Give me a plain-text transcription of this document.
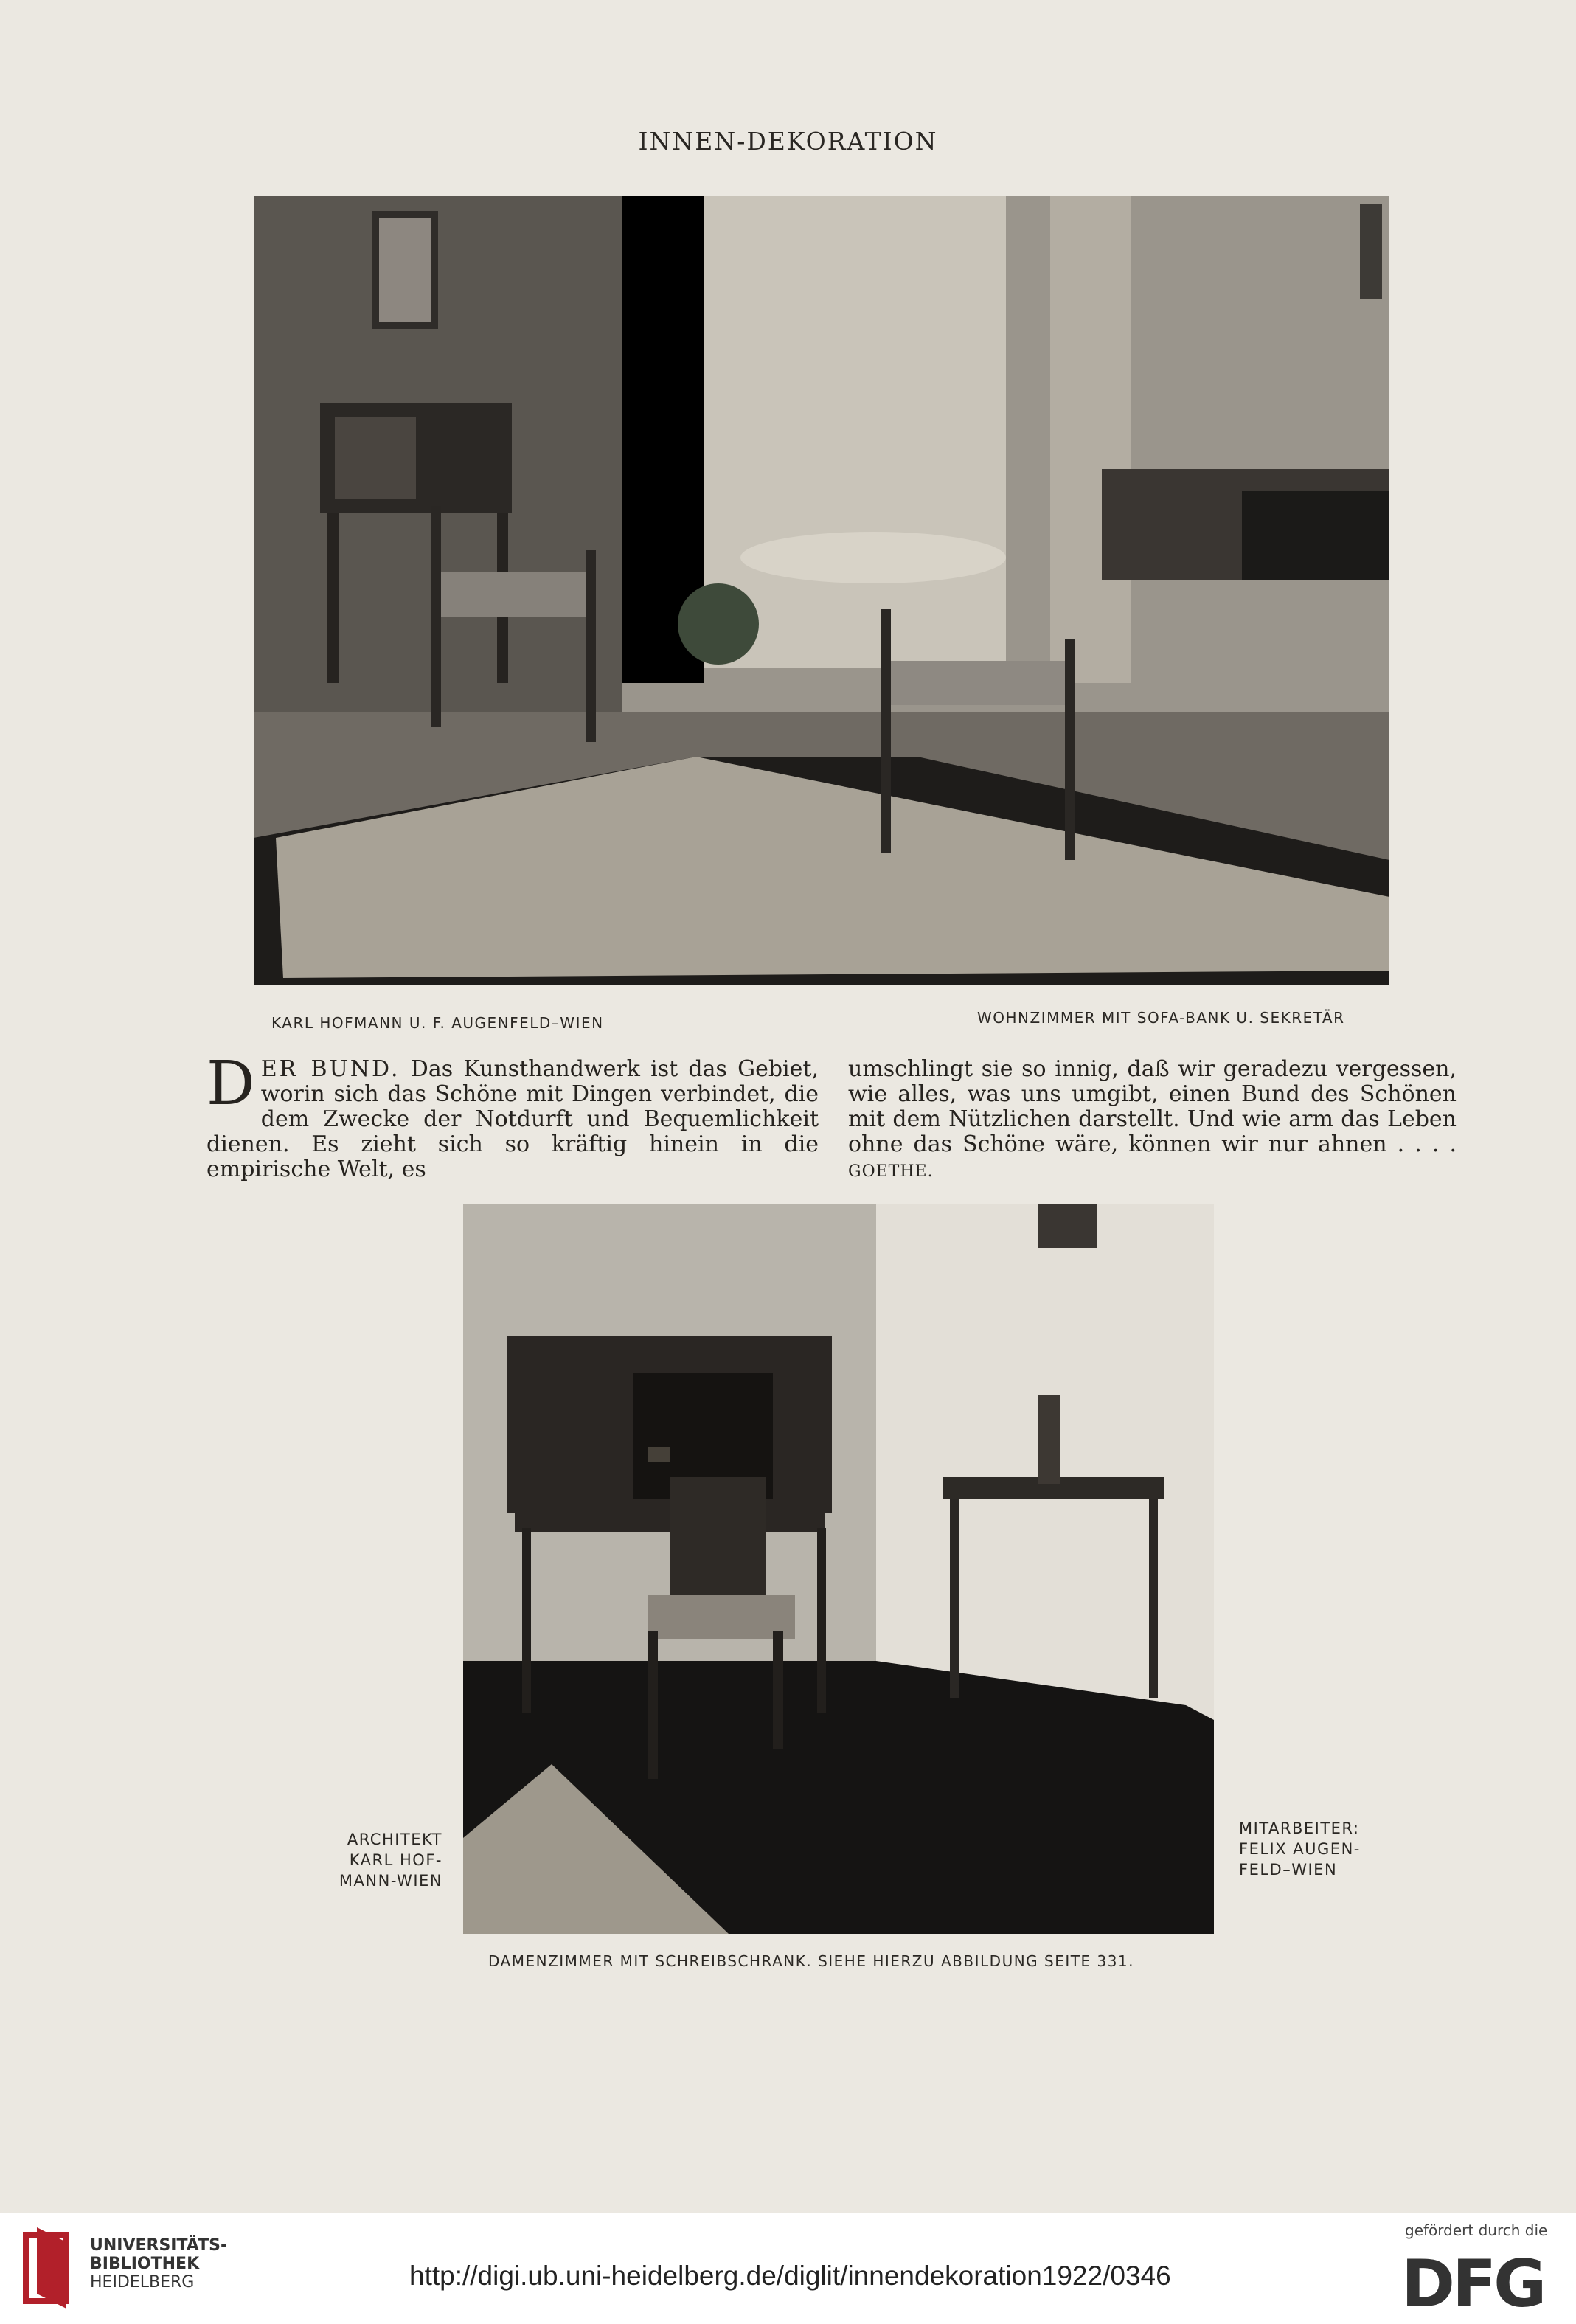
INNEN-DEKORATION
KARL HOFMANN U. F. AUGENFELD–WIEN	WOHNZIMMER MIT SOFA-BANK U. SEKRETÄR

DER BUND. Das Kunsthandwerk ist das Gebiet, worin sich das Schöne mit Dingen verbindet, die dem Zwecke der Notdurft und Bequemlichkeit dienen. Es zieht sich so kräftig hinein in die empirische Welt, es

umschlingt sie so innig, daß wir geradezu vergessen, wie alles, was uns umgibt, einen Bund des Schönen mit dem Nützlichen darstellt. Und wie arm das Leben ohne das Schöne wäre, können wir nur ahnen . . . . GOETHE.

ARCHITEKT
KARL HOF-
MANN-WIEN
MITARBEITER:
FELIX AUGEN-
FELD–WIEN
DAMENZIMMER MIT SCHREIBSCHRANK. SIEHE HIERZU ABBILDUNG SEITE 331.
UNIVERSITÄTS-
BIBLIOTHEK
HEIDELBERG	http://digi.ub.uni-heidelberg.de/diglit/innendekoration1922/0346
gefördert durch die
DFG
